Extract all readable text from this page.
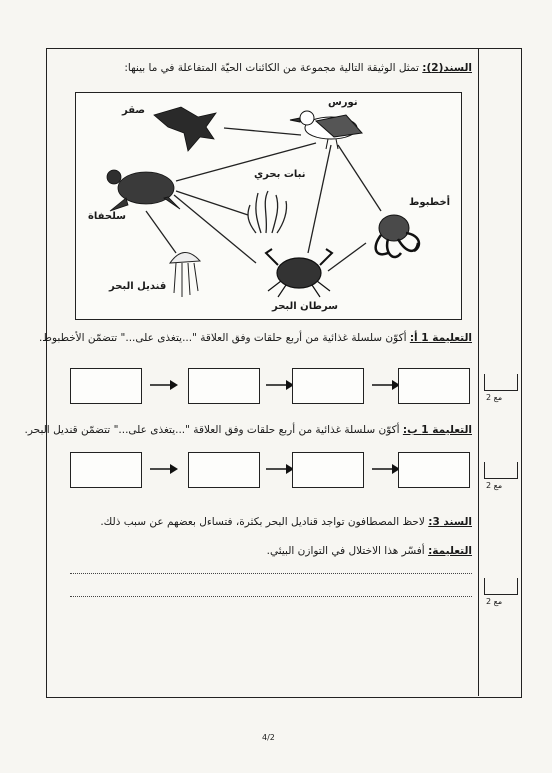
السند(2): تمثل الوثيقة التالية مجموعة من الكائنات الحيّة المتفاعلة في ما بينها:
نورس
صقر
نبات بحري
سلحفاة
أخطبوط
قنديل البحر
سرطان البحر
التعليمة 1 أ: أكوّن سلسلة غذائية من أربع حلقات وفق العلاقة "...يتغذى على..." تتضمّن الأخطبوط.
مع 2
التعليمة 1 ب: أكوّن سلسلة غذائية من أربع حلقات وفق العلاقة "...يتغذى على..." تتضمّن قنديل البحر.
مع 2
السند 3: لاحظ المصطافون تواجد قناديل البحر بكثرة، فتساءل بعضهم عن سبب ذلك.
التعليمة: أفسّر هذا الاختلال في التوازن البيئي.
مع 2
4/2
